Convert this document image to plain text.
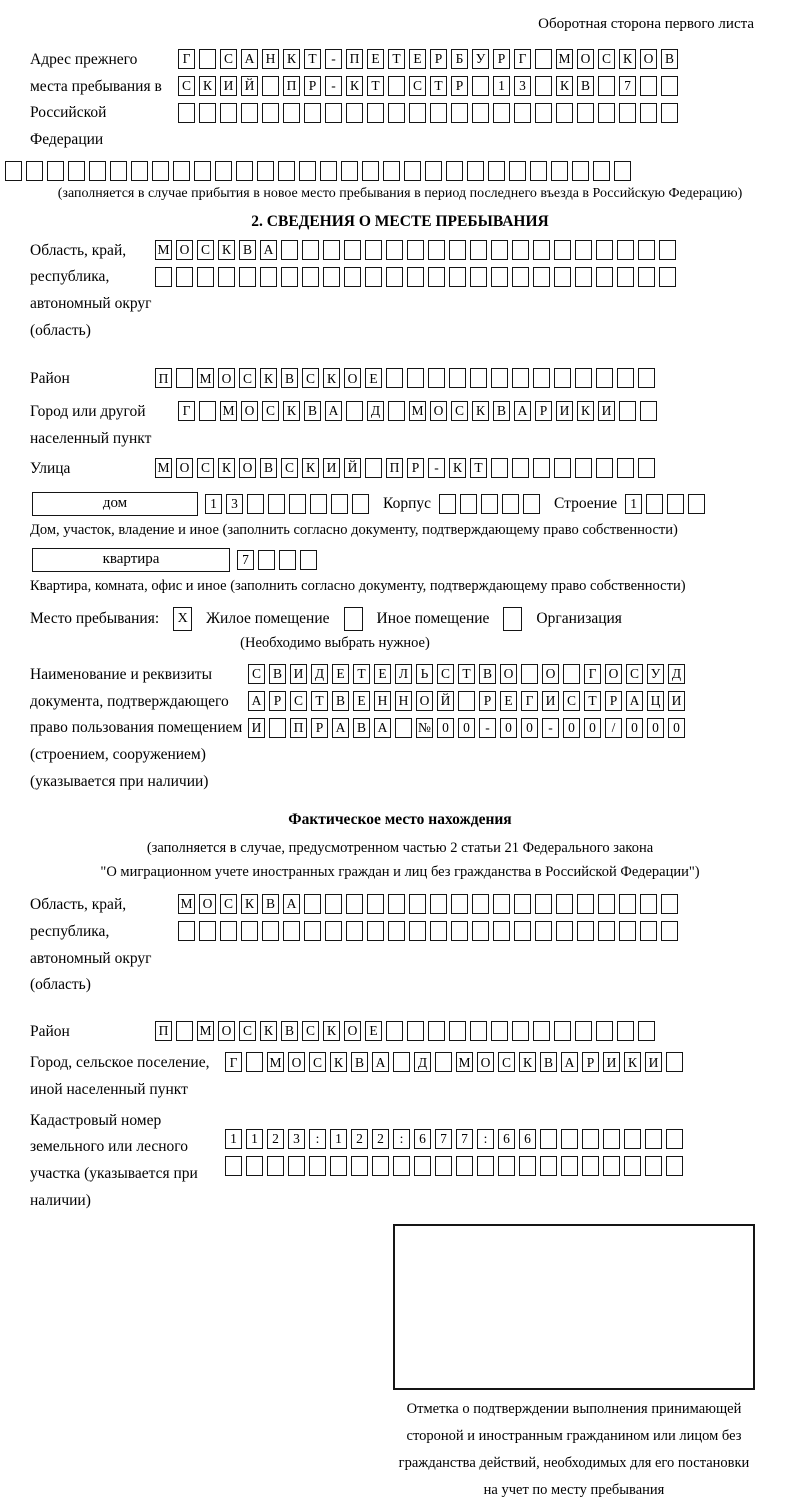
Оборотная сторона первого листа
Адрес прежнего места пребывания в Российской Федерации
Г	С А Н К Т	-	П Е Т Е Р Б У Р Г	М О С К О В
С К И Й П Р	-	К Т	С Т Р	1	3	К В	7
(заполняется в случае прибытия в новое место пребывания в период последнего въезда в Российскую Федерацию)
2. СВЕДЕНИЯ О МЕСТЕ ПРЕБЫВАНИЯ
Область, край, республика, автономный округ (область)
М О С К В А
Район	П М О С К В С К О Е
Город или другой населенный пункт
Г	М О С К В А Д М О С К В А Р И К И
Улица	М О С К О В С К И Й П Р	-	К Т
дом	1	3	Корпус	Строение 1
Дом, участок, владение и иное (заполнить согласно документу, подтверждающему право собственности)
квартира	7
Квартира, комната, офис и иное (заполнить согласно документу, подтверждающему право собственности)
Место пребывания:	X Жилое помещение	Иное помещение	Организация
(Необходимо выбрать нужное)
Наименование и реквизиты документа, подтверждающего право пользования помещением (строением, сооружением) (указывается при наличии)
С В И Д Е Т Е Л Ь С Т В О О	Г О С У Д
А Р С Т В Е Н Н О Й	Р Е Г И С Т Р А Ц И
И П Р А В А № 0	0	-	0	0	-	0	0	/	0	0	0
Фактическое место нахождения
(заполняется в случае, предусмотренном частью 2 статьи 21 Федерального закона
"О миграционном учете иностранных граждан и лиц без гражданства в Российской Федерации")
Область, край, республика, автономный округ (область)
М О С К В А
Район	П М О С К В С К О Е
Город, сельское поселение, иной населенный пункт
Г	М О С К В А Д М О С К В А Р И К И
Кадастровый номер земельного или лесного участка (указывается при наличии)
1	1	2	3	:	1	2	2	:	6	7	7	:	6	6
Отметка о подтверждении выполнения принимающей стороной и иностранным гражданином или лицом без гражданства действий, необходимых для его постановки на учет по месту пребывания
